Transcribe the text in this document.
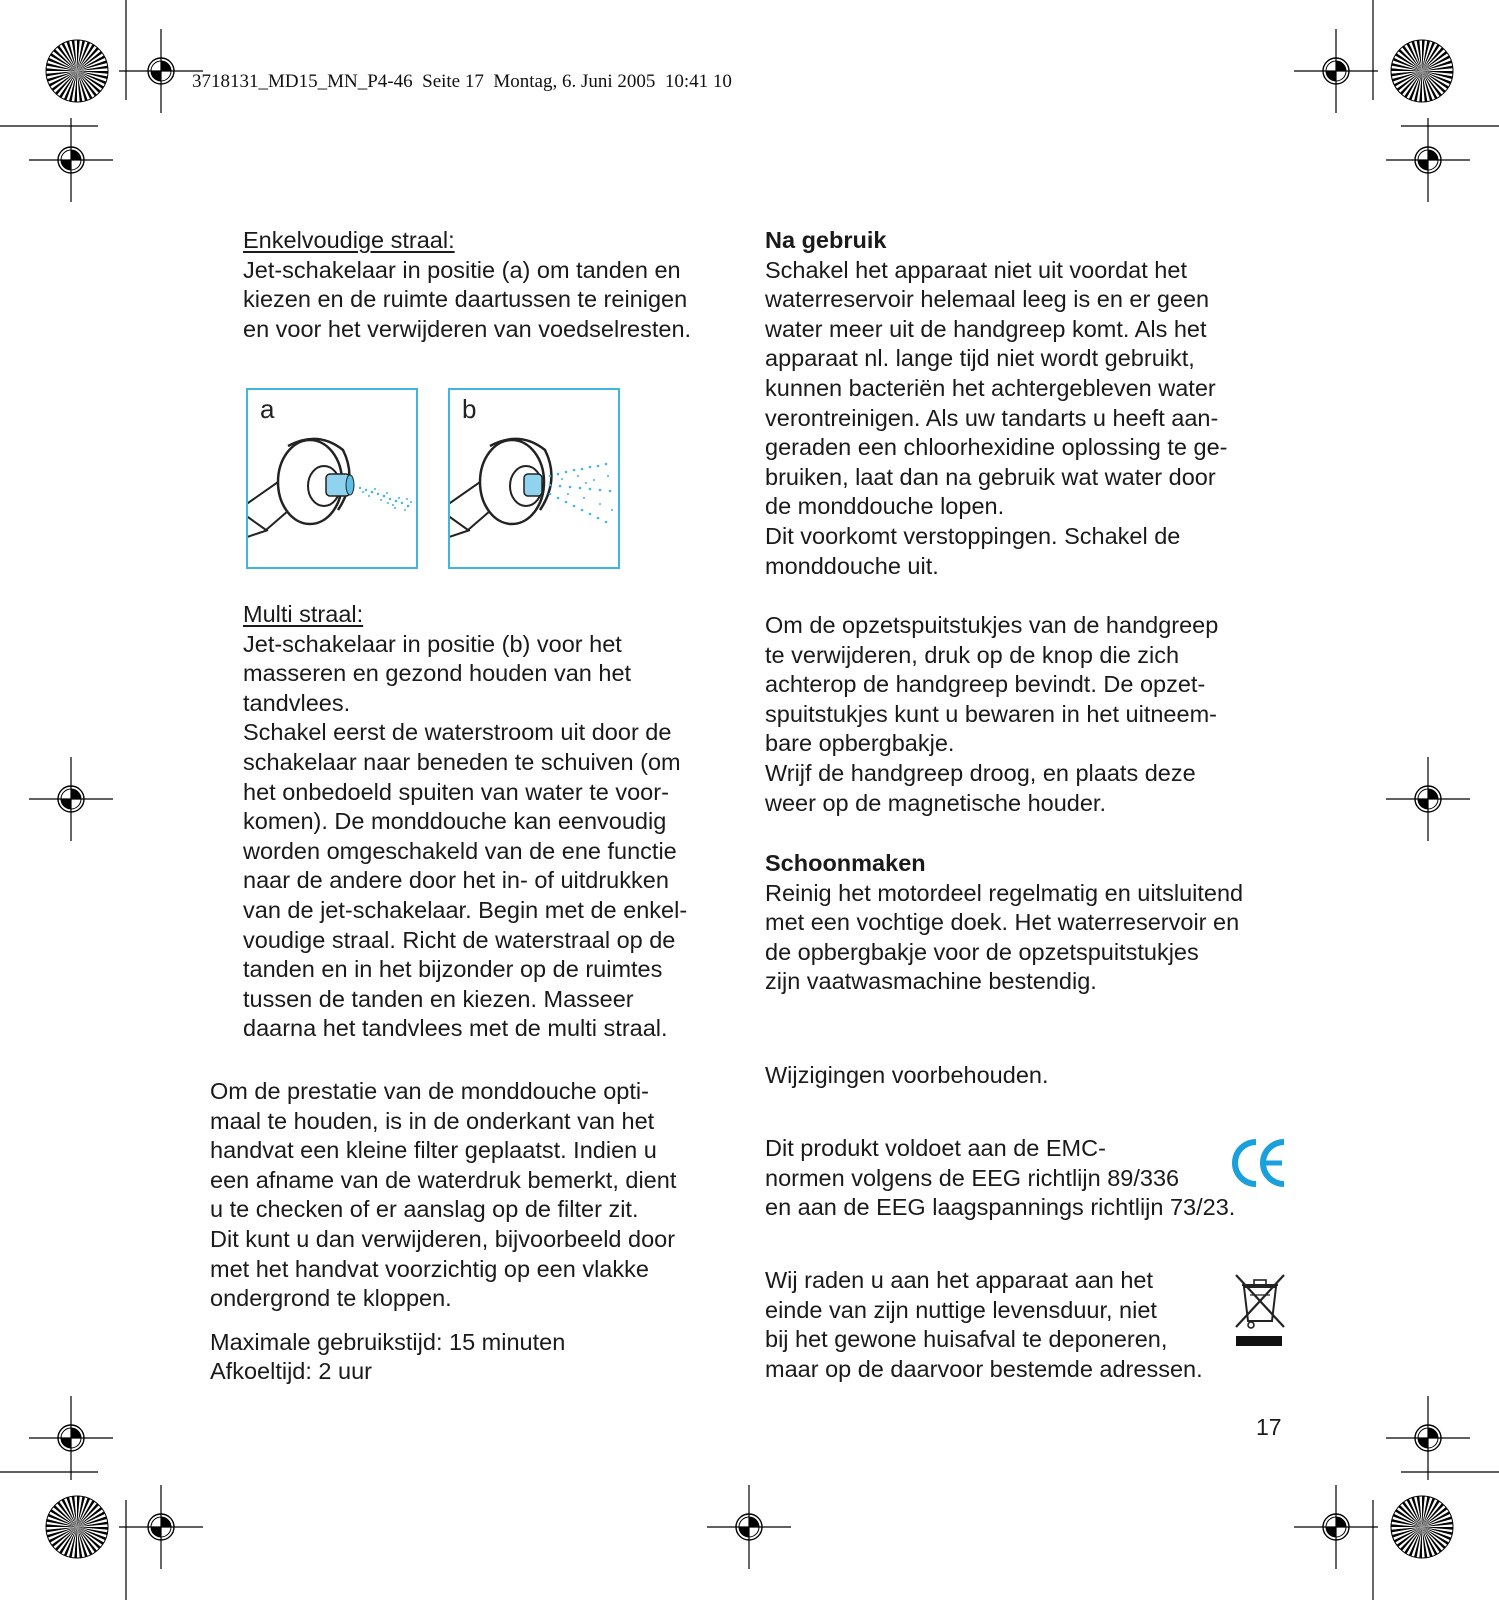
3718131_MD15_MN_P4-46  Seite 17  Montag, 6. Juni 2005  10:41 10

Enkelvoudige straal:

Jet-schakelaar in positie (a) om tanden en
kiezen en de ruimte daartussen te reinigen
en voor het verwijderen van voedselresten.

a	b

Multi straal:

Jet-schakelaar in positie (b) voor het
masseren en gezond houden van het
tandvlees.
Schakel eerst de waterstroom uit door de
schakelaar naar beneden te schuiven (om
het onbedoeld spuiten van water te voor-
komen). De monddouche kan eenvoudig
worden omgeschakeld van de ene functie
naar de andere door het in- of uitdrukken
van de jet-schakelaar. Begin met de enkel-
voudige straal. Richt de waterstraal op de
tanden en in het bijzonder op de ruimtes
tussen de tanden en kiezen. Masseer
daarna het tandvlees met de multi straal.

Om de prestatie van de monddouche opti-
maal te houden, is in de onderkant van het
handvat een kleine filter geplaatst. Indien u
een afname van de waterdruk bemerkt, dient
u te checken of er aanslag op de filter zit.
Dit kunt u dan verwijderen, bijvoorbeeld door
met het handvat voorzichtig op een vlakke
ondergrond te kloppen.

Maximale gebruikstijd: 15 minuten

Afkoeltijd: 2 uur

Na gebruik

Schakel het apparaat niet uit voordat het
waterreservoir helemaal leeg is en er geen
water meer uit de handgreep komt. Als het
apparaat nl. lange tijd niet wordt gebruikt,
kunnen bacteriën het achtergebleven water
verontreinigen. Als uw tandarts u heeft aan-
geraden een chloorhexidine oplossing te ge-
bruiken, laat dan na gebruik wat water door
de monddouche lopen.
Dit voorkomt verstoppingen. Schakel de
monddouche uit.

Om de opzetspuitstukjes van de handgreep
te verwijderen, druk op de knop die zich
achterop de handgreep bevindt. De opzet-
spuitstukjes kunt u bewaren in het uitneem-
bare opbergbakje.
Wrijf de handgreep droog, en plaats deze
weer op de magnetische houder.

Schoonmaken

Reinig het motordeel regelmatig en uitsluitend
met een vochtige doek. Het waterreservoir en
de opbergbakje voor de opzetspuitstukjes
zijn vaatwasmachine bestendig.

Wijzigingen voorbehouden.

Dit produkt voldoet aan de EMC-
normen volgens de EEG richtlijn 89/336
en aan de EEG laagspannings richtlijn 73/23.

Wij raden u aan het apparaat aan het
einde van zijn nuttige levensduur, niet
bij het gewone huisafval te deponeren,
maar op de daarvoor bestemde adressen.

17
